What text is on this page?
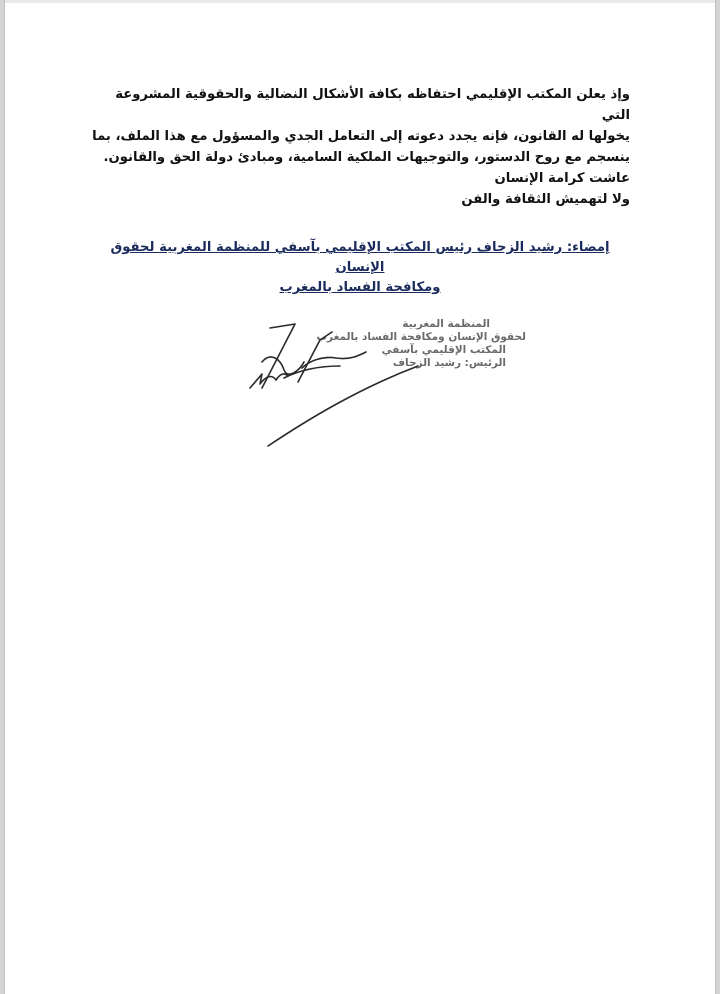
وإذ يعلن المكتب الإقليمي احتفاظه بكافة الأشكال النضالية والحقوقية المشروعة التي

يخولها له القانون، فإنه يجدد دعوته إلى التعامل الجدي والمسؤول مع هذا الملف، بما

ينسجم مع روح الدستور، والتوجيهات الملكية السامية، ومبادئ دولة الحق والقانون.

عاشت كرامة الإنسان

ولا لتهميش الثقافة والفن

إمضاء: رشيد الزحاف رئيس المكتب الإقليمي بآسفي للمنظمة المغربية لحقوق الإنسان

ومكافحة الفساد بالمغرب

المنظمة المغربية

لحقوق الإنسان ومكافحة الفساد بالمغرب

المكتب الإقليمي بآسفي

الرئيس: رشيد الزحاف
